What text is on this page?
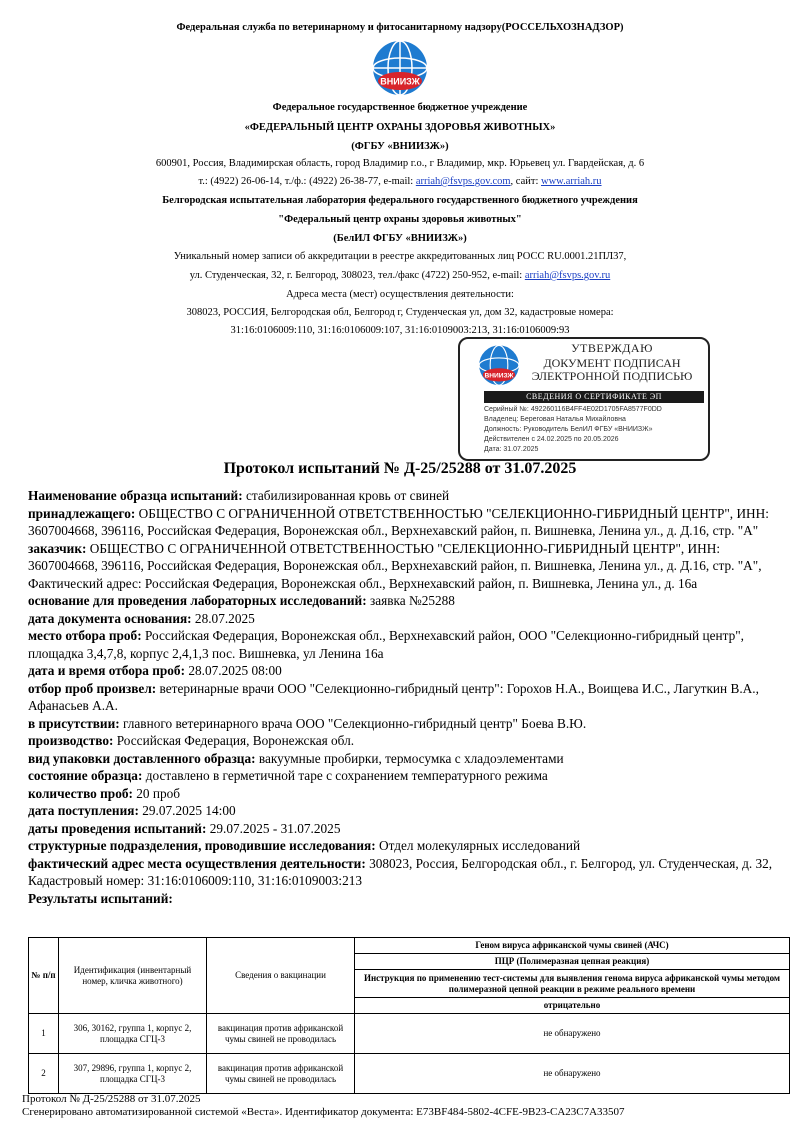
Федеральная служба по ветеринарному и фитосанитарному надзору(РОССЕЛЬХОЗНАДЗОР)
ВНИИЗЖ
Федеральное государственное бюджетное учреждение
«ФЕДЕРАЛЬНЫЙ ЦЕНТР ОХРАНЫ ЗДОРОВЬЯ ЖИВОТНЫХ»
(ФГБУ «ВНИИЗЖ»)
600901, Россия, Владимирская область, город Владимир г.о., г Владимир, мкр. Юрьевец ул. Гвардейская, д. 6
т.: (4922) 26-06-14, т./ф.: (4922) 26-38-77, e-mail: arriah@fsvps.gov.com, сайт: www.arriah.ru
Белгородская испытательная лаборатория федерального государственного бюджетного учреждения
"Федеральный центр охраны здоровья животных"
(БелИЛ ФГБУ «ВНИИЗЖ»)
Уникальный номер записи об аккредитации в реестре аккредитованных лиц РОСС RU.0001.21ПЛ37,
ул. Студенческая, 32, г. Белгород, 308023, тел./факс (4722) 250-952, e-mail: arriah@fsvps.gov.ru
Адреса места (мест) осуществления деятельности:
308023, РОССИЯ, Белгородская обл, Белгород г, Студенческая ул, дом 32, кадастровые номера:
31:16:0106009:110, 31:16:0106009:107, 31:16:0109003:213, 31:16:0106009:93
ВНИИЗЖ
УТВЕРЖДАЮ
ДОКУМЕНТ ПОДПИСАН
ЭЛЕКТРОННОЙ ПОДПИСЬЮ
СВЕДЕНИЯ О СЕРТИФИКАТЕ ЭП
Серийный №: 492260116B4FF4E02D1705FA8577F0DD
Владелец: Береговая Наталья Михайловна
Должность: Руководитель БелИЛ ФГБУ «ВНИИЗЖ»
Действителен с 24.02.2025 по 20.05.2026
Дата: 31.07.2025
Протокол испытаний № Д-25/25288 от 31.07.2025

Наименование образца испытаний: стабилизированная кровь от свиней

принадлежащего: ОБЩЕСТВО С ОГРАНИЧЕННОЙ ОТВЕТСТВЕННОСТЬЮ "СЕЛЕКЦИОННО-ГИБРИДНЫЙ ЦЕНТР", ИНН: 3607004668, 396116, Российская Федерация, Воронежская обл., Верхнехавский район, п. Вишневка, Ленина ул., д. Д.16, стр. "А"

заказчик: ОБЩЕСТВО С ОГРАНИЧЕННОЙ ОТВЕТСТВЕННОСТЬЮ "СЕЛЕКЦИОННО-ГИБРИДНЫЙ ЦЕНТР", ИНН: 3607004668, 396116, Российская Федерация, Воронежская обл., Верхнехавский район, п. Вишневка, Ленина ул., д. Д.16, стр. "А", Фактический адрес: Российская Федерация, Воронежская обл., Верхнехавский район, п. Вишневка, Ленина ул., д. 16а

основание для проведения лабораторных исследований: заявка №25288

дата документа основания: 28.07.2025

место отбора проб: Российская Федерация, Воронежская обл., Верхнехавский район, ООО "Селекционно-гибридный центр", площадка 3,4,7,8, корпус 2,4,1,3 пос. Вишневка, ул Ленина 16а

дата и время отбора проб: 28.07.2025 08:00

отбор проб произвел: ветеринарные врачи ООО "Селекционно-гибридный центр": Горохов Н.А., Воищева И.С., Лагуткин В.А., Афанасьев А.А.

в присутствии: главного ветеринарного врача ООО "Селекционно-гибридный центр" Боева В.Ю.

производство: Российская Федерация, Воронежская обл.

вид упаковки доставленного образца: вакуумные пробирки, термосумка с хладоэлементами

состояние образца: доставлено в герметичной таре с сохранением температурного режима

количество проб: 20 проб

дата поступления: 29.07.2025 14:00

даты проведения испытаний: 29.07.2025 - 31.07.2025

структурные подразделения, проводившие исследования: Отдел молекулярных исследований

фактический адрес места осуществления деятельности: 308023, Россия, Белгородская обл., г. Белгород, ул. Студенческая, д. 32, Кадастровый номер: 31:16:0106009:110, 31:16:0109003:213

Результаты испытаний:

№ п/п	Идентификация (инвентарный номер, кличка животного)	Сведения о вакцинации	Геном вируса африканской чумы свиней (АЧС)
			ПЦР (Полимеразная цепная реакция)
			Инструкция по применению тест-системы для выявления генома вируса африканской чумы методом полимеразной цепной реакции в режиме реального времени
			отрицательно
1	306, 30162, группа 1, корпус 2, площадка СГЦ-3	вакцинация против африканской чумы свиней не проводилась	не обнаружено
2	307, 29896, группа 1, корпус 2, площадка СГЦ-3	вакцинация против африканской чумы свиней не проводилась	не обнаружено
Протокол № Д-25/25288 от 31.07.2025
Сгенерировано автоматизированной системой «Веста». Идентификатор документа: E73BF484-5802-4CFE-9B23-CA23C7A33507
